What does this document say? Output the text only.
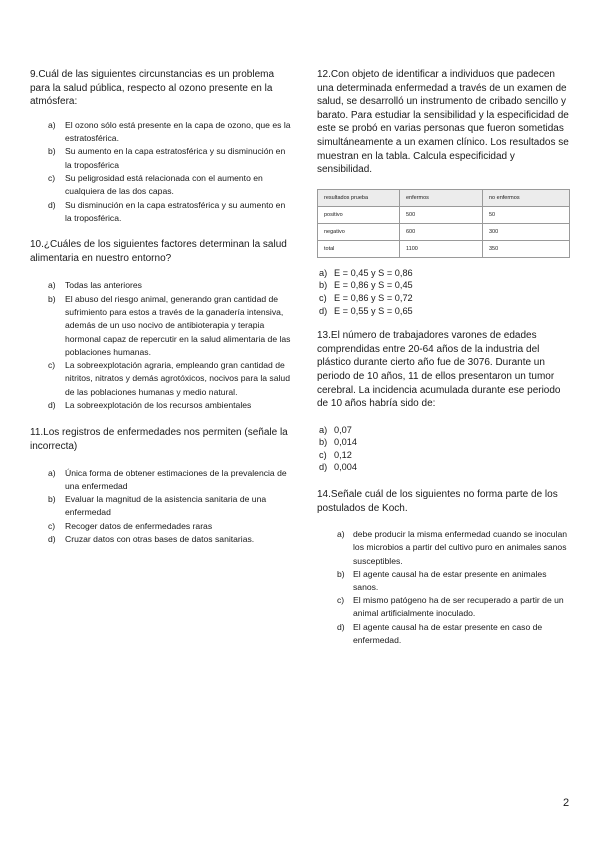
9.Cuál de las siguientes circunstancias es un problema para la salud pública, respecto al ozono presente en la atmósfera:

a) El ozono sólo está presente en la capa de ozono, que es la estratosférica.
b) Su aumento en la capa estratosférica y su disminución en la troposférica
c) Su peligrosidad está relacionada con el aumento en cualquiera de las dos capas.
d) Su disminución en la capa estratosférica y su aumento en la troposférica.

10.¿Cuáles de los siguientes factores determinan la salud alimentaria en nuestro entorno?

a) Todas las anteriores
b) El abuso del riesgo animal, generando gran cantidad de sufrimiento para estos a través de la ganadería intensiva, además de un uso nocivo de antibioterapia y terapia hormonal capaz de repercutir en la salud alimentaria de las poblaciones humanas.
c) La sobreexplotación agraria, empleando gran cantidad de nitritos, nitratos y demás agrotóxicos, nocivos para la salud de las poblaciones humanas y medio natural.
d) La sobreexplotación de los recursos ambientales

11.Los registros de enfermedades nos permiten (señale la incorrecta)

a) Única forma de obtener estimaciones de la prevalencia de una enfermedad
b) Evaluar la magnitud de la asistencia sanitaria de una enfermedad
c) Recoger datos de enfermedades raras
d) Cruzar datos con otras bases de datos sanitarias.

12.Con objeto de identificar a individuos que padecen una determinada enfermedad a través de un examen de salud, se desarrolló un instrumento de cribado sencillo y barato. Para estudiar la sensibilidad y la especificidad de este se probó en varias personas que fueron sometidas simultáneamente a un examen clínico. Los resultados se muestran en la tabla. Calcula especificidad y sensibilidad.

resultados prueba	enfermos	no enfermos
positivo	500	50
negativo	600	300
total	1100	350
a) E = 0,45 y S = 0,86
b) E = 0,86 y S = 0,45
c) E = 0,86 y S = 0,72
d) E = 0,55 y S = 0,65

13.El número de trabajadores varones de edades comprendidas entre 20-64 años de la industria del plástico durante cierto año fue de 3076. Durante un periodo de 10 años, 11 de ellos presentaron un tumor cerebral. La incidencia acumulada durante ese periodo de 10 años habría sido de:

a) 0,07
b) 0,014
c) 0,12
d) 0,004

14.Señale cuál de los siguientes no forma parte de los postulados de Koch.

a) debe producir la misma enfermedad cuando se inoculan los microbios a partir del cultivo puro en animales sanos susceptibles.
b) El agente causal ha de estar presente en animales sanos.
c) El mismo patógeno ha de ser recuperado a partir de un animal artificialmente inoculado.
d) El agente causal ha de estar presente en caso de enfermedad.
2
